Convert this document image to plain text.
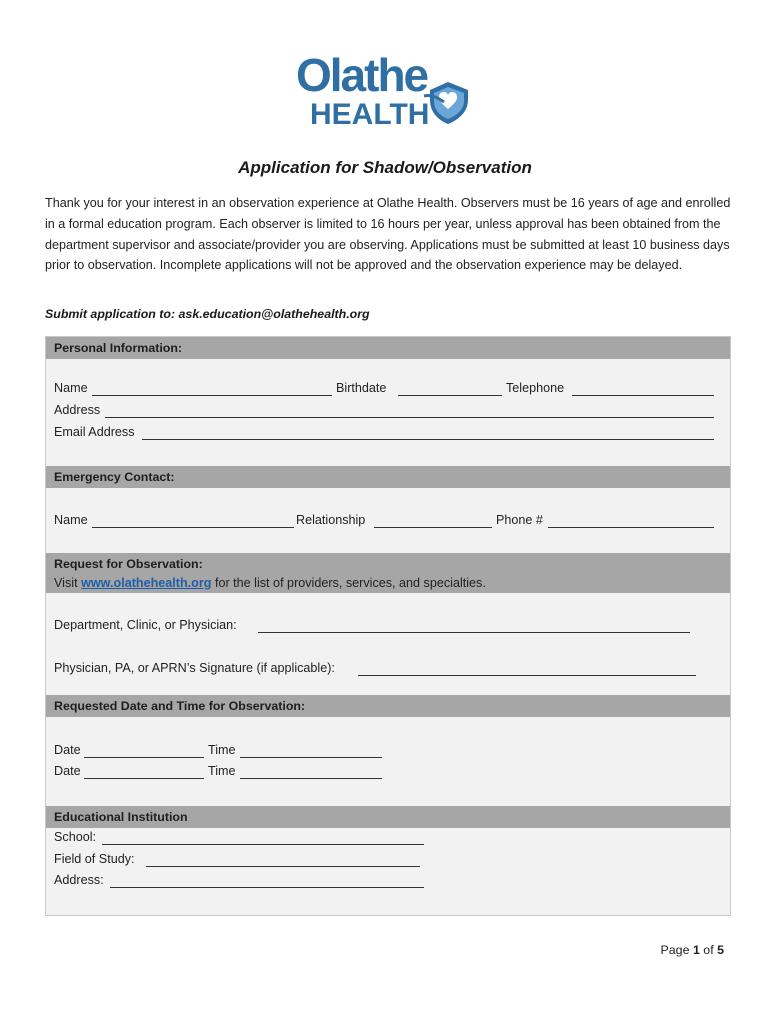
Olathe
HEALTH
Application for Shadow/Observation
Thank you for your interest in an observation experience at Olathe Health. Observers must be 16 years of age and enrolled in a formal education program. Each observer is limited to 16 hours per year, unless approval has been obtained from the department supervisor and associate/provider you are observing. Applications must be submitted at least 10 business days prior to observation. Incomplete applications will not be approved and the observation experience may be delayed.
Submit application to: ask.education@olathehealth.org
Personal Information:
Name	Birthdate	Telephone
Address
Email Address
Emergency Contact:
Name	Relationship	Phone #
Request for Observation:
Visit www.olathehealth.org for the list of providers, services, and specialties.
Department, Clinic, or Physician:
Physician, PA, or APRN’s Signature (if applicable):
Requested Date and Time for Observation:
Date	Time
Date	Time
Educational Institution
School:
Field of Study:
Address:
Page 1 of 5
